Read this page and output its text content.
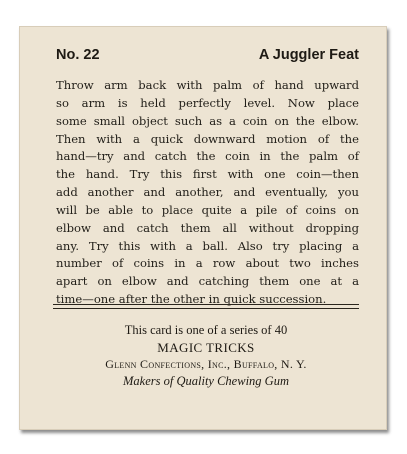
No. 22	A Juggler Feat
Throw arm back with palm of hand upward
so arm is held perfectly level. Now place
some small object such as a coin on the elbow.
Then with a quick downward motion of the
hand—try and catch the coin in the palm of
the hand. Try this first with one coin—then
add another and another, and eventually, you
will be able to place quite a pile of coins on
elbow and catch them all without dropping
any. Try this with a ball. Also try placing a
number of coins in a row about two inches
apart on elbow and catching them one at a
time—one after the other in quick succession.
This card is one of a series of 40
MAGIC TRICKS
Glenn Confections, Inc., Buffalo, N. Y.
Makers of Quality Chewing Gum
